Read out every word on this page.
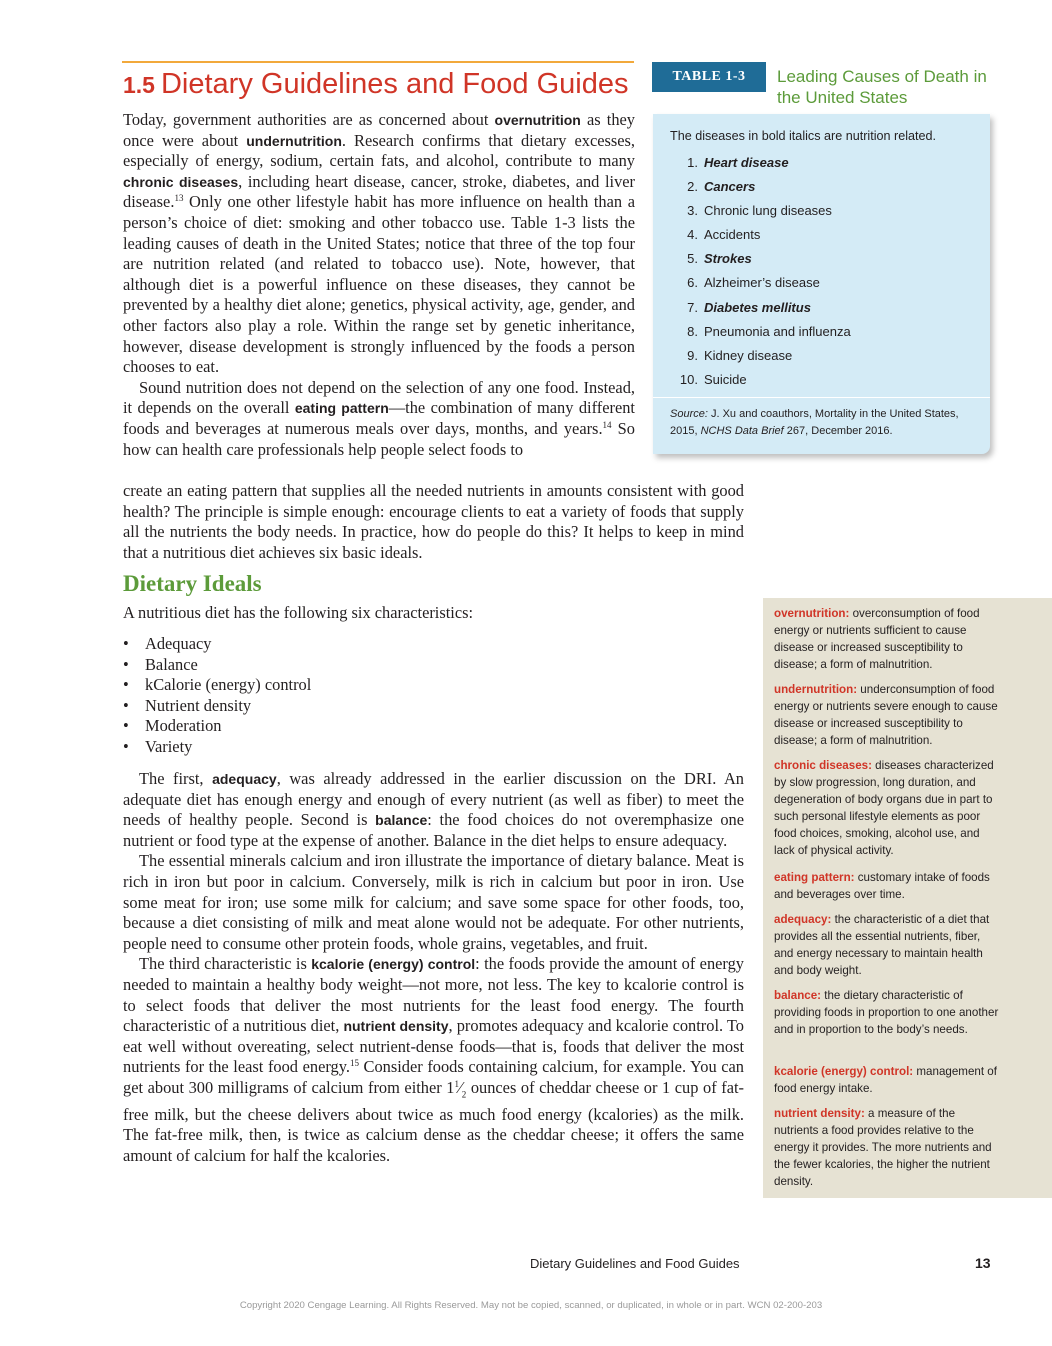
1.5 Dietary Guidelines and Food Guides

Today, government authorities are as concerned about overnutrition as they once were about undernutrition. Research confirms that dietary excesses, especially of energy, sodium, certain fats, and alcohol, contribute to many chronic diseases, including heart disease, cancer, stroke, diabetes, and liver disease.$^{13}$ Only one other lifestyle habit has more influence on health than a person’s choice of diet: smoking and other tobacco use. Table 1-3 lists the leading causes of death in the United States; notice that three of the top four are nutrition related (and related to tobacco use). Note, however, that although diet is a powerful influence on these diseases, they cannot be prevented by a healthy diet alone; genetics, physical activity, age, gender, and other factors also play a role. Within the range set by genetic inheritance, however, disease development is strongly influenced by the foods a person chooses to eat.

Sound nutrition does not depend on the selection of any one food. Instead, it depends on the overall eating pattern—the combination of many different foods and beverages at numerous meals over days, months, and years.$^{14}$ So how can health care professionals help people select foods to

create an eating pattern that supplies all the needed nutrients in amounts consistent with good health? The principle is simple enough: encourage clients to eat a variety of foods that supply all the nutrients the body needs. In practice, how do people do this? It helps to keep in mind that a nutritious diet achieves six basic ideals.

TABLE 1-3	Leading Causes of Death in the United States
The diseases in bold italics are nutrition related.
1. Heart disease
2. Cancers
3. Chronic lung diseases
4. Accidents
5. Strokes
6. Alzheimer’s disease
7. Diabetes mellitus
8. Pneumonia and influenza
9. Kidney disease
10. Suicide
Source: J. Xu and coauthors, Mortality in the United States, 2015, NCHS Data Brief 267, December 2016.
Dietary Ideals
A nutritious diet has the following six characteristics:
• Adequacy
• Balance
• kCalorie (energy) control
• Nutrient density
• Moderation
• Variety

The first, adequacy, was already addressed in the earlier discussion on the DRI. An adequate diet has enough energy and enough of every nutrient (as well as fiber) to meet the needs of healthy people. Second is balance: the food choices do not overemphasize one nutrient or food type at the expense of another. Balance in the diet helps to ensure adequacy.

The essential minerals calcium and iron illustrate the importance of dietary balance. Meat is rich in iron but poor in calcium. Conversely, milk is rich in calcium but poor in iron. Use some meat for iron; use some milk for calcium; and save some space for other foods, too, because a diet consisting of milk and meat alone would not be adequate. For other nutrients, people need to consume other protein foods, whole grains, vegetables, and fruit.

The third characteristic is kcalorie (energy) control: the foods provide the amount of energy needed to maintain a healthy body weight—not more, not less. The key to kcalorie control is to select foods that deliver the most nutrients for the least food energy. The fourth characteristic of a nutritious diet, nutrient density, promotes adequacy and kcalorie control. To eat well without overeating, select nutrient-dense foods—that is, foods that deliver the most nutrients for the least food energy.$^{15}$ Consider foods containing calcium, for example. You can get about 300 milligrams of calcium from either $1^1⁄_2$ ounces of cheddar cheese or 1 cup of fat-free milk, but the cheese delivers about twice as much food energy (kcalories) as the milk. The fat-free milk, then, is twice as calcium dense as the cheddar cheese; it offers the same amount of calcium for half the kcalories.

overnutrition: overconsumption of food energy or nutrients sufficient to cause disease or increased susceptibility to disease; a form of malnutrition.
undernutrition: underconsumption of food energy or nutrients severe enough to cause disease or increased susceptibility to disease; a form of malnutrition.
chronic diseases: diseases characterized by slow progression, long duration, and degeneration of body organs due in part to such personal lifestyle elements as poor food choices, smoking, alcohol use, and lack of physical activity.
eating pattern: customary intake of foods and beverages over time.
adequacy: the characteristic of a diet that provides all the essential nutrients, fiber, and energy necessary to maintain health and body weight.
balance: the dietary characteristic of providing foods in proportion to one another and in proportion to the body’s needs.
kcalorie (energy) control: management of food energy intake.
nutrient density: a measure of the nutrients a food provides relative to the energy it provides. The more nutrients and the fewer kcalories, the higher the nutrient density.
Dietary Guidelines and Food Guides	13
Copyright 2020 Cengage Learning. All Rights Reserved. May not be copied, scanned, or duplicated, in whole or in part. WCN 02-200-203
